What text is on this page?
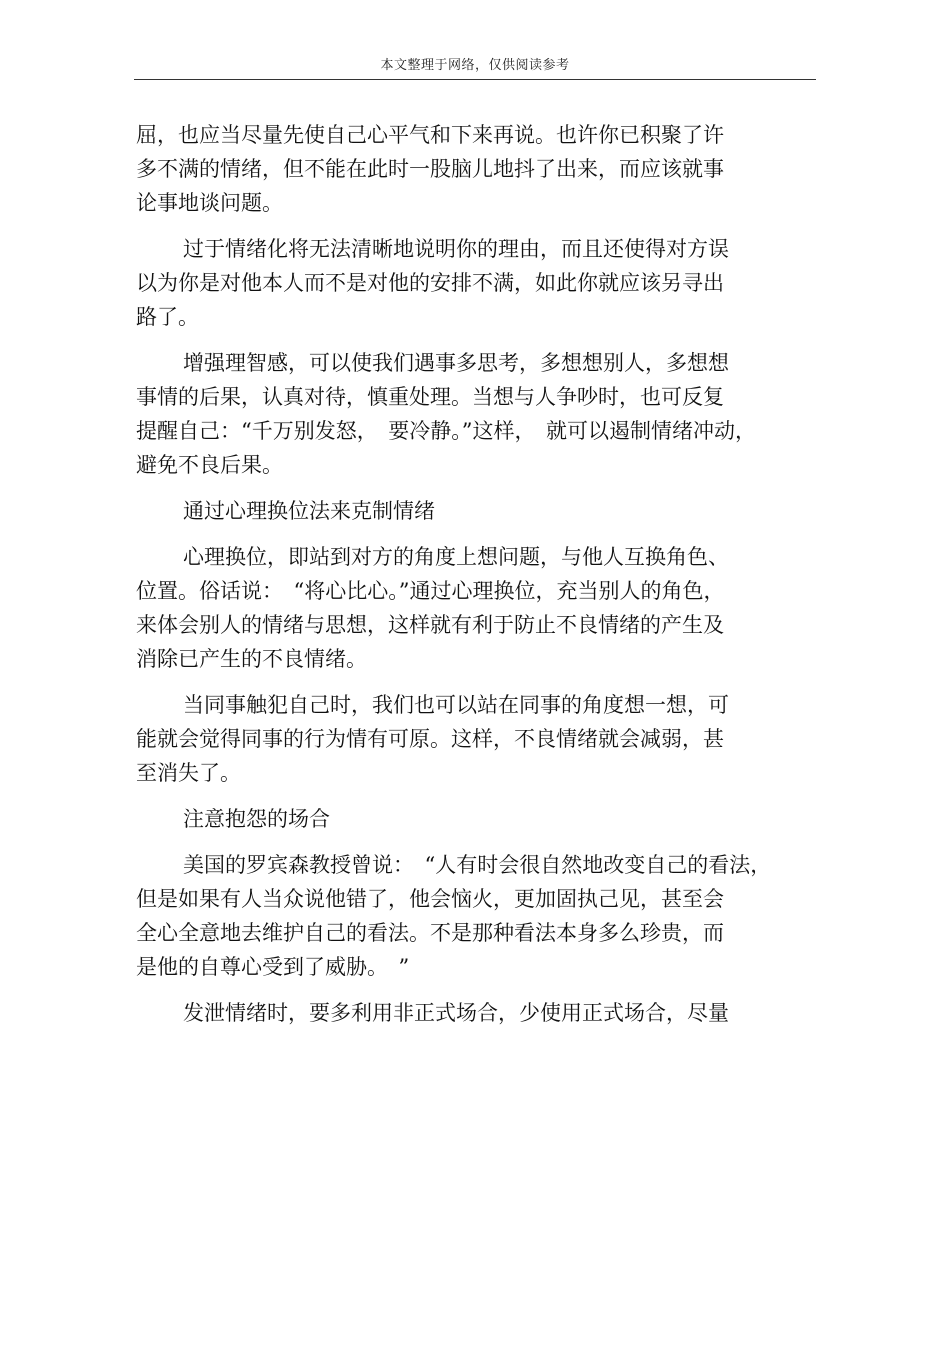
本文整理于网络，仅供阅读参考
屈，也应当尽量先使自己心平气和下来再说。也许你已积聚了许
多不满的情绪，但不能在此时一股脑儿地抖了出来，而应该就事
论事地谈问题。
过于情绪化将无法清晰地说明你的理由，而且还使得对方误
以为你是对他本人而不是对他的安排不满，如此你就应该另寻出
路了。
增强理智感，可以使我们遇事多思考，多想想别人，多想想
事情的后果，认真对待，慎重处理。当想与人争吵时，也可反复
提醒自己：“千万别发怒，　要冷静。”这样，　就可以遏制情绪冲动，
避免不良后果。
通过心理换位法来克制情绪
心理换位，即站到对方的角度上想问题，与他人互换角色、
位置。俗话说：　“将心比心。”通过心理换位，充当别人的角色，
来体会别人的情绪与思想，这样就有利于防止不良情绪的产生及
消除已产生的不良情绪。
当同事触犯自己时，我们也可以站在同事的角度想一想，可
能就会觉得同事的行为情有可原。这样，不良情绪就会减弱，甚
至消失了。
注意抱怨的场合
美国的罗宾森教授曾说：　“人有时会很自然地改变自己的看法，
但是如果有人当众说他错了，他会恼火，更加固执己见，甚至会
全心全意地去维护自己的看法。不是那种看法本身多么珍贵，而
是他的自尊心受到了威胁。　”
发泄情绪时，要多利用非正式场合，少使用正式场合，尽量
